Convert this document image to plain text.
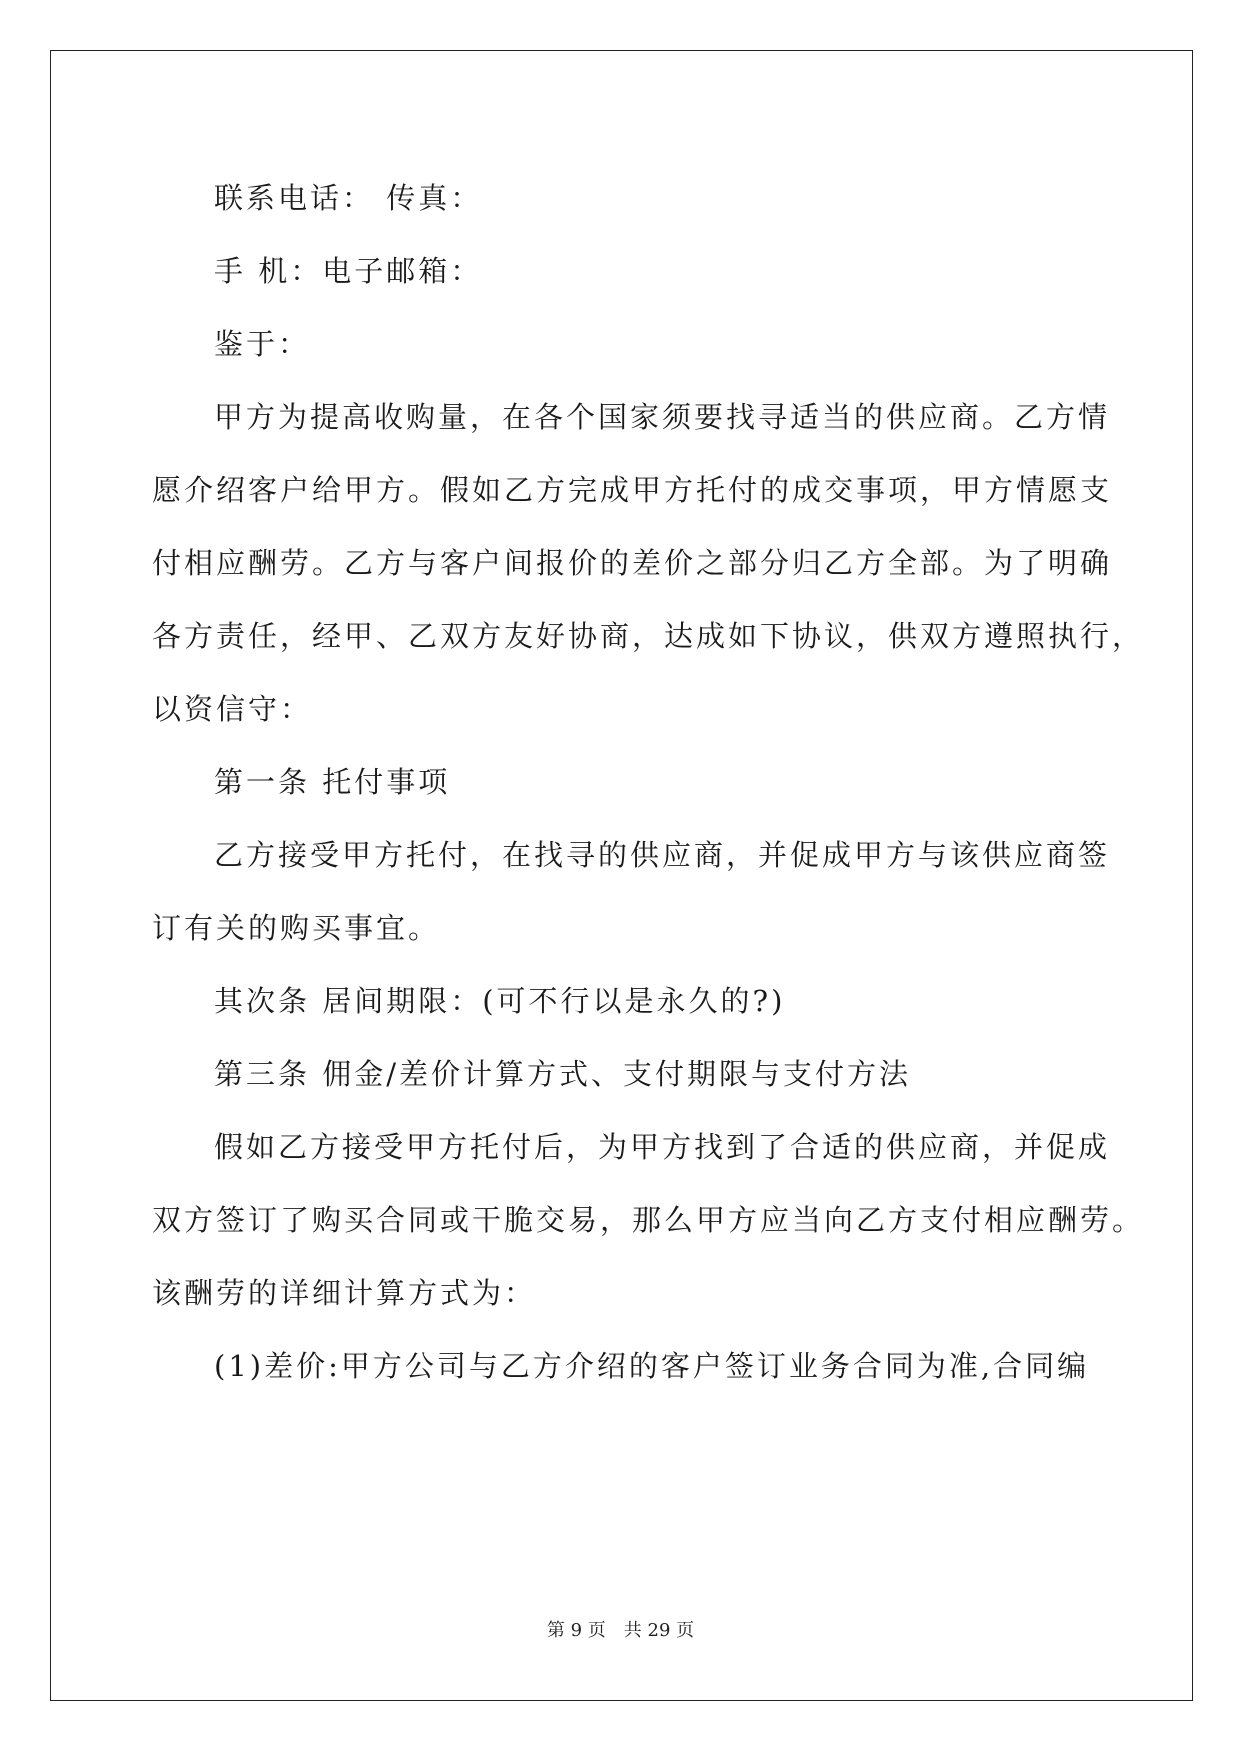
联系电话： 传真：

手 机：电子邮箱：

鉴于：

甲方为提高收购量，在各个国家须要找寻适当的供应商。乙方情

愿介绍客户给甲方。假如乙方完成甲方托付的成交事项，甲方情愿支

付相应酬劳。乙方与客户间报价的差价之部分归乙方全部。为了明确

各方责任，经甲、乙双方友好协商，达成如下协议，供双方遵照执行，

以资信守：

第一条 托付事项

乙方接受甲方托付，在找寻的供应商，并促成甲方与该供应商签

订有关的购买事宜。

其次条 居间期限：(可不行以是永久的?)

第三条 佣金/差价计算方式、支付期限与支付方法

假如乙方接受甲方托付后，为甲方找到了合适的供应商，并促成

双方签订了购买合同或干脆交易，那么甲方应当向乙方支付相应酬劳。

该酬劳的详细计算方式为：

(1)差价:甲方公司与乙方介绍的客户签订业务合同为准,合同编

第 9 页 共 29 页
